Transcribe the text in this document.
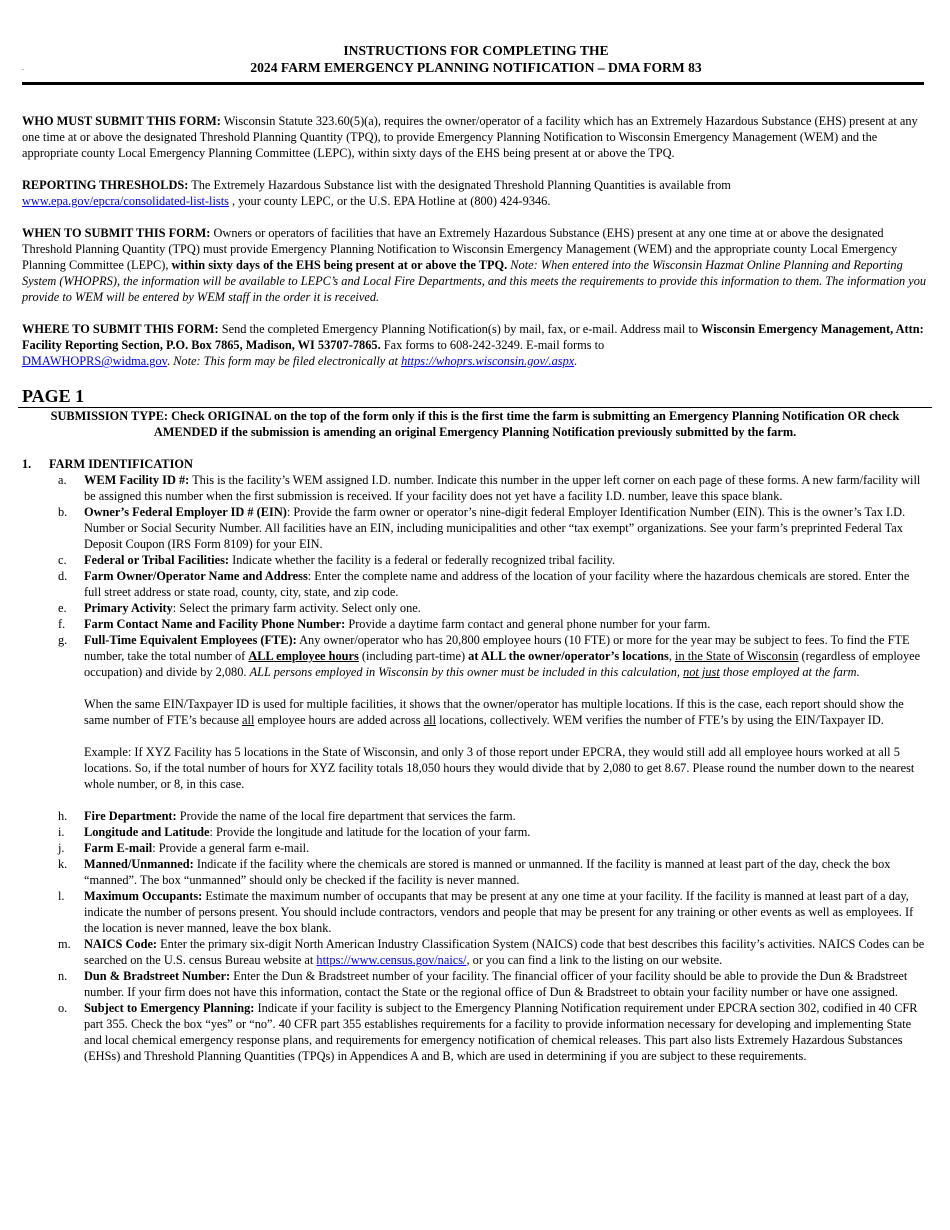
INSTRUCTIONS FOR COMPLETING THE
2024 FARM EMERGENCY PLANNING NOTIFICATION – DMA FORM 83
-

WHO MUST SUBMIT THIS FORM: Wisconsin Statute 323.60(5)(a), requires the owner/operator of a facility which has an Extremely Hazardous Substance (EHS) present at any one time at or above the designated Threshold Planning Quantity (TPQ), to provide Emergency Planning Notification to Wisconsin Emergency Management (WEM) and the appropriate county Local Emergency Planning Committee (LEPC), within sixty days of the EHS being present at or above the TPQ.

REPORTING THRESHOLDS: The Extremely Hazardous Substance list with the designated Threshold Planning Quantities is available from
www.epa.gov/epcra/consolidated-list-lists , your county LEPC, or the U.S. EPA Hotline at (800) 424-9346.

WHEN TO SUBMIT THIS FORM: Owners or operators of facilities that have an Extremely Hazardous Substance (EHS) present at any one time at or above the designated Threshold Planning Quantity (TPQ) must provide Emergency Planning Notification to Wisconsin Emergency Management (WEM) and the appropriate county Local Emergency Planning Committee (LEPC), within sixty days of the EHS being present at or above the TPQ. Note: When entered into the Wisconsin Hazmat Online Planning and Reporting System (WHOPRS), the information will be available to LEPC’s and Local Fire Departments, and this meets the requirements to provide this information to them. The information you provide to WEM will be entered by WEM staff in the order it is received.

WHERE TO SUBMIT THIS FORM: Send the completed Emergency Planning Notification(s) by mail, fax, or e-mail. Address mail to Wisconsin Emergency Management, Attn: Facility Reporting Section, P.O. Box 7865, Madison, WI 53707-7865. Fax forms to 608-242-3249. E-mail forms to
DMAWHOPRS@widma.gov. Note: This form may be filed electronically at https://whoprs.wisconsin.gov/.aspx.

PAGE 1
SUBMISSION TYPE: Check ORIGINAL on the top of the form only if this is the first time the farm is submitting an Emergency Planning Notification OR check AMENDED if the submission is amending an original Emergency Planning Notification previously submitted by the farm.
1.	FARM IDENTIFICATION
a.	WEM Facility ID #: This is the facility’s WEM assigned I.D. number. Indicate this number in the upper left corner on each page of these forms. A new farm/facility will be assigned this number when the first submission is received. If your facility does not yet have a facility I.D. number, leave this space blank.
b.	Owner’s Federal Employer ID # (EIN): Provide the farm owner or operator’s nine-digit federal Employer Identification Number (EIN). This is the owner’s Tax I.D. Number or Social Security Number. All facilities have an EIN, including municipalities and other “tax exempt” organizations. See your farm’s preprinted Federal Tax Deposit Coupon (IRS Form 8109) for your EIN.
c.	Federal or Tribal Facilities: Indicate whether the facility is a federal or federally recognized tribal facility.
d.	Farm Owner/Operator Name and Address: Enter the complete name and address of the location of your facility where the hazardous chemicals are stored. Enter the full street address or state road, county, city, state, and zip code.
e.	Primary Activity: Select the primary farm activity. Select only one.
f.	Farm Contact Name and Facility Phone Number: Provide a daytime farm contact and general phone number for your farm.
g.	Full-Time Equivalent Employees (FTE): Any owner/operator who has 20,800 employee hours (10 FTE) or more for the year may be subject to fees. To find the FTE number, take the total number of ALL employee hours (including part-time) at ALL the owner/operator’s locations, in the State of Wisconsin (regardless of employee occupation) and divide by 2,080. ALL persons employed in Wisconsin by this owner must be included in this calculation, not just those employed at the farm.
When the same EIN/Taxpayer ID is used for multiple facilities, it shows that the owner/operator has multiple locations. If this is the case, each report should show the same number of FTE’s because all employee hours are added across all locations, collectively. WEM verifies the number of FTE’s by using the EIN/Taxpayer ID.
Example: If XYZ Facility has 5 locations in the State of Wisconsin, and only 3 of those report under EPCRA, they would still add all employee hours worked at all 5 locations. So, if the total number of hours for XYZ facility totals 18,050 hours they would divide that by 2,080 to get 8.67. Please round the number down to the nearest whole number, or 8, in this case.
h.	Fire Department: Provide the name of the local fire department that services the farm.
i.	Longitude and Latitude: Provide the longitude and latitude for the location of your farm.
j.	Farm E-mail: Provide a general farm e-mail.
k.	Manned/Unmanned: Indicate if the facility where the chemicals are stored is manned or unmanned. If the facility is manned at least part of the day, check the box “manned”. The box “unmanned” should only be checked if the facility is never manned.
l.	Maximum Occupants: Estimate the maximum number of occupants that may be present at any one time at your facility. If the facility is manned at least part of a day, indicate the number of persons present. You should include contractors, vendors and people that may be present for any training or other events as well as employees. If the location is never manned, leave the box blank.
m.	NAICS Code: Enter the primary six-digit North American Industry Classification System (NAICS) code that best describes this facility’s activities. NAICS Codes can be searched on the U.S. census Bureau website at https://www.census.gov/naics/, or you can find a link to the listing on our website.
n.	Dun & Bradstreet Number: Enter the Dun & Bradstreet number of your facility. The financial officer of your facility should be able to provide the Dun & Bradstreet number. If your firm does not have this information, contact the State or the regional office of Dun & Bradstreet to obtain your facility number or have one assigned.
o.	Subject to Emergency Planning: Indicate if your facility is subject to the Emergency Planning Notification requirement under EPCRA section 302, codified in 40 CFR part 355. Check the box “yes” or “no”. 40 CFR part 355 establishes requirements for a facility to provide information necessary for developing and implementing State and local chemical emergency response plans, and requirements for emergency notification of chemical releases. This part also lists Extremely Hazardous Substances (EHSs) and Threshold Planning Quantities (TPQs) in Appendices A and B, which are used in determining if you are subject to these requirements.
